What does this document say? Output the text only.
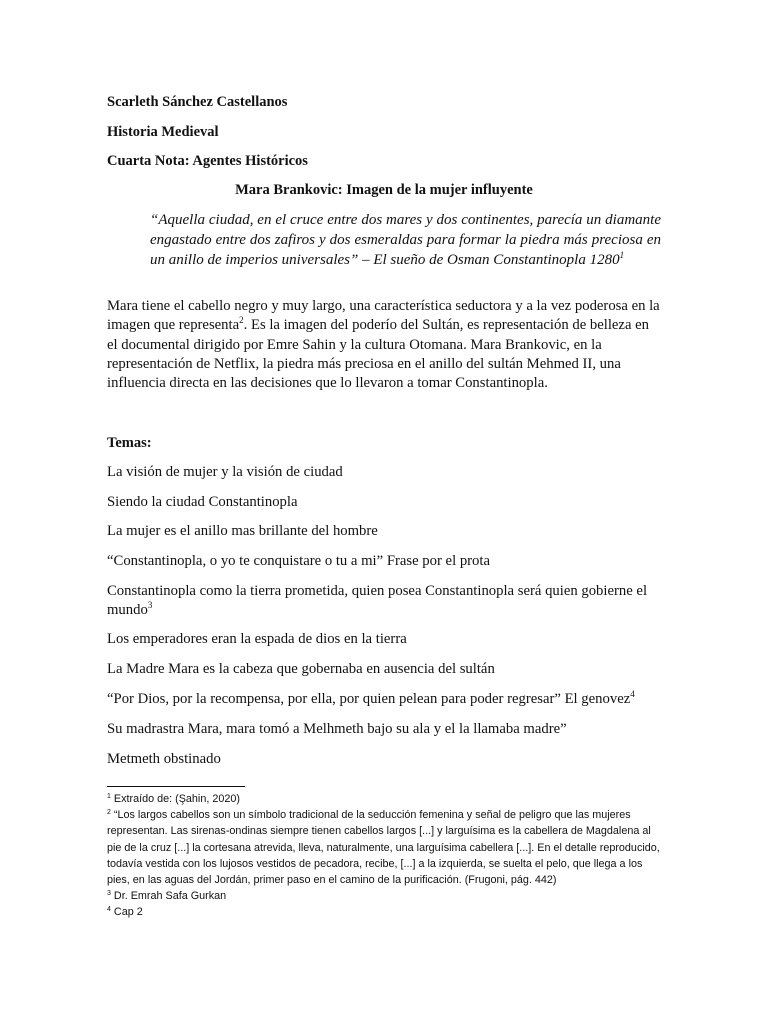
Scarleth Sánchez Castellanos
Historia Medieval
Cuarta Nota: Agentes Históricos
Mara Brankovic: Imagen de la mujer influyente
“Aquella ciudad, en el cruce entre dos mares y dos continentes, parecía un diamante engastado entre dos zafiros y dos esmeraldas para formar la piedra más preciosa en un anillo de imperios universales” – El sueño de Osman Constantinopla 1280$^1$
Mara tiene el cabello negro y muy largo, una característica seductora y a la vez poderosa en la imagen que representa$^2$. Es la imagen del poderío del Sultán, es representación de belleza en el documental dirigido por Emre Sahin y la cultura Otomana. Mara Brankovic, en la representación de Netflix, la piedra más preciosa en el anillo del sultán Mehmed II, una influencia directa en las decisiones que lo llevaron a tomar Constantinopla.
Temas:
La visión de mujer y la visión de ciudad
Siendo la ciudad Constantinopla
La mujer es el anillo mas brillante del hombre
“Constantinopla, o yo te conquistare o tu a mi” Frase por el prota
Constantinopla como la tierra prometida, quien posea Constantinopla será quien gobierne el mundo$^3$
Los emperadores eran la espada de dios en la tierra
La Madre Mara es la cabeza que gobernaba en ausencia del sultán
“Por Dios, por la recompensa, por ella, por quien pelean para poder regresar” El genovez$^4$
Su madrastra Mara, mara tomó a Melhmeth bajo su ala y el la llamaba madre”
Metmeth obstinado

$^1$ Extraído de: (Şahin, 2020)

$^2$ “Los largos cabellos son un símbolo tradicional de la seducción femenina y señal de peligro que las mujeres representan. Las sirenas-ondinas siempre tienen cabellos largos [...] y larguísima es la cabellera de Magdalena al pie de la cruz [...] la cortesana atrevida, lleva, naturalmente, una larguísima cabellera [...]. En el detalle reproducido, todavía vestida con los lujosos vestidos de pecadora, recibe, [...] a la izquierda, se suelta el pelo, que llega a los pies, en las aguas del Jordán, primer paso en el camino de la purificación. (Frugoni, pág. 442)

$^3$ Dr. Emrah Safa Gurkan

$^4$ Cap 2
